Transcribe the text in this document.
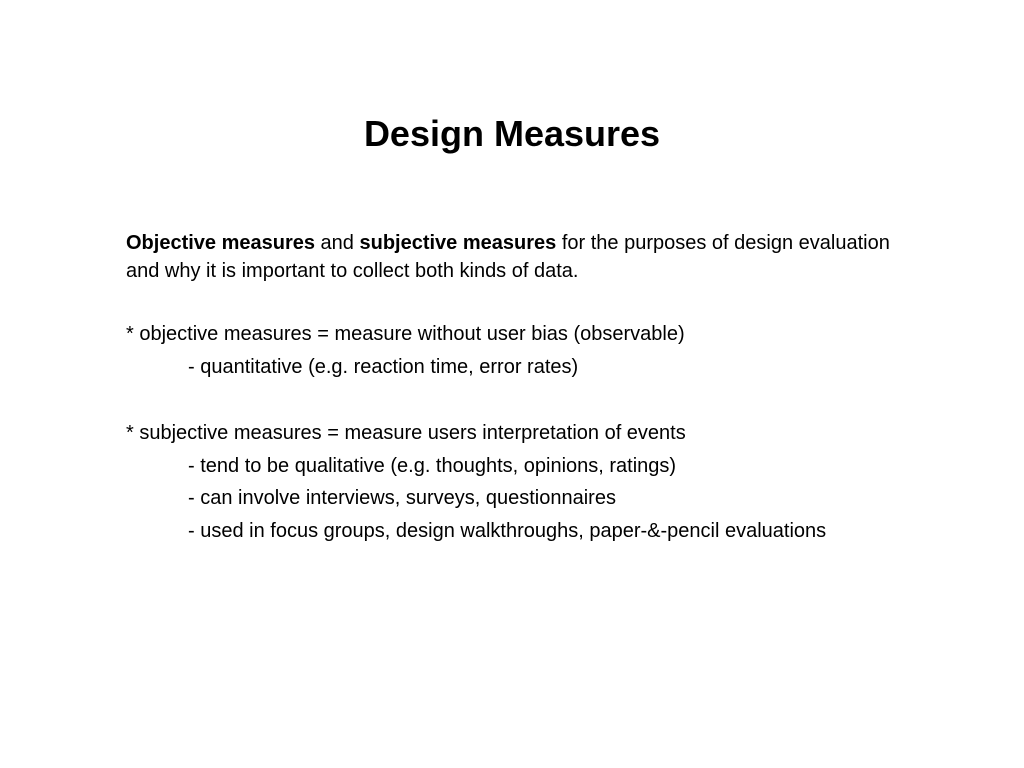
Design Measures

Objective measures and subjective measures for the purposes of design evaluation and why it is important to collect both kinds of data.

* objective measures = measure without user bias (observable)

- quantitative (e.g. reaction time, error rates)

* subjective measures = measure users interpretation of events

- tend to be qualitative (e.g. thoughts, opinions, ratings)

- can involve interviews, surveys, questionnaires

- used in focus groups, design walkthroughs, paper-&-pencil evaluations
